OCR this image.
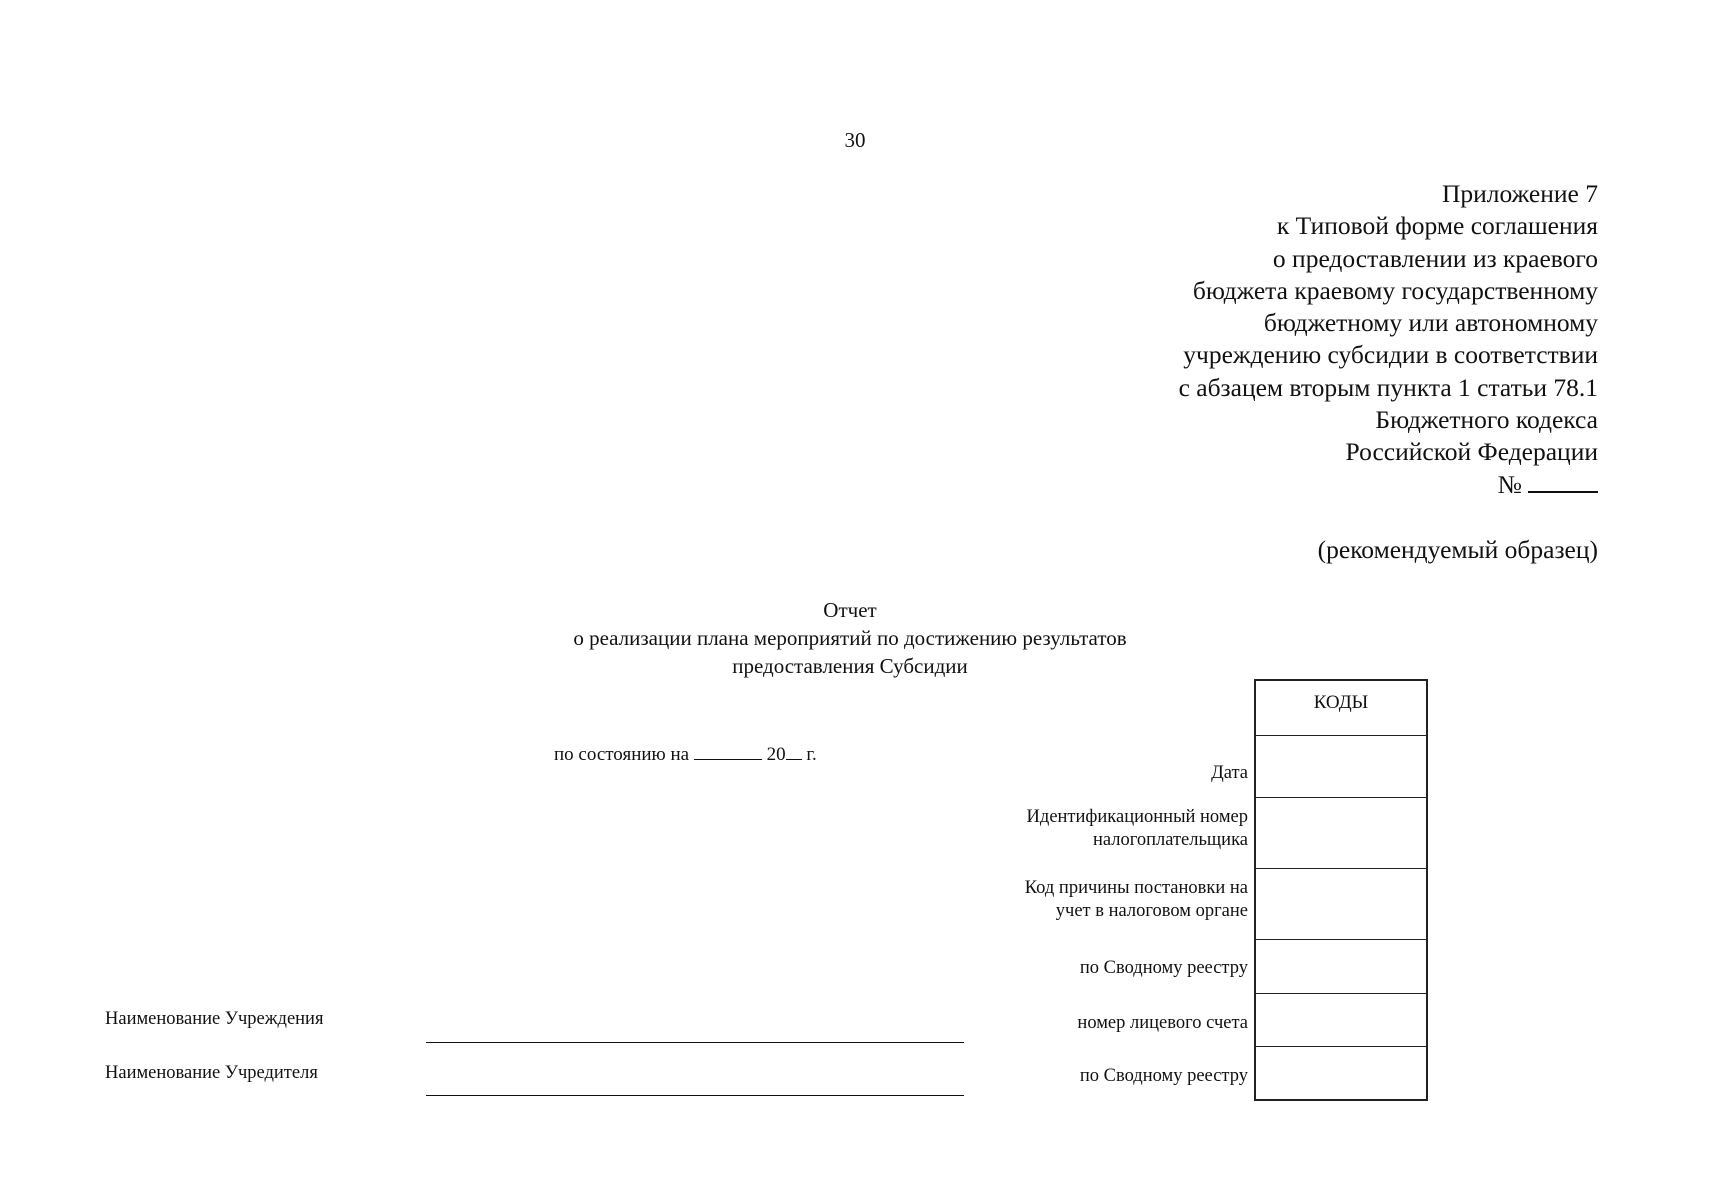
30
Приложение 7
к Типовой форме соглашения
о предоставлении из краевого
бюджета краевому государственному
бюджетному или автономному
учреждению субсидии в соответствии
с абзацем вторым пункта 1 статьи 78.1
Бюджетного кодекса
Российской Федерации
№
(рекомендуемый образец)
Отчет
о реализации плана мероприятий по достижению результатов
предоставления Субсидии
по состоянию на	20 г.
КОДЫ
Дата
Идентификационный номер
налогоплательщика
Код причины постановки на
учет в налоговом органе
по Сводному реестру
номер лицевого счета
по Сводному реестру
Наименование Учреждения
Наименование Учредителя
